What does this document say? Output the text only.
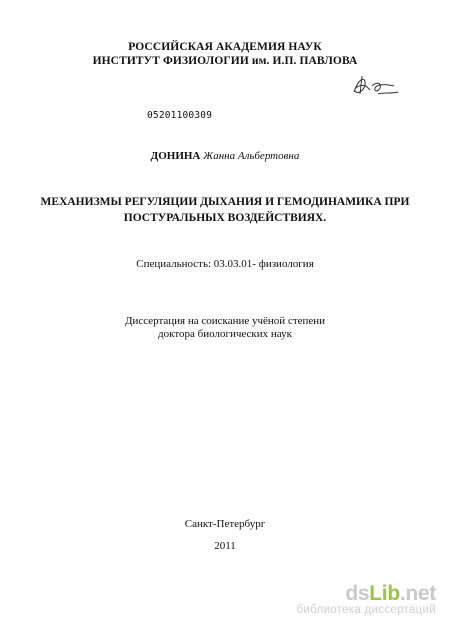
РОССИЙСКАЯ АКАДЕМИЯ НАУК
ИНСТИТУТ ФИЗИОЛОГИИ им. И.П. ПАВЛОВА
05201100309
ДОНИНА Жанна Альбертовна
МЕХАНИЗМЫ РЕГУЛЯЦИИ ДЫХАНИЯ И ГЕМОДИНАМИКА ПРИ
ПОСТУРАЛЬНЫХ ВОЗДЕЙСТВИЯХ.
Специальность: 03.03.01- физиология
Диссертация на соискание учёной степени
доктора биологических наук
Санкт-Петербург
2011
dsLib.net
библиотека диссертаций
